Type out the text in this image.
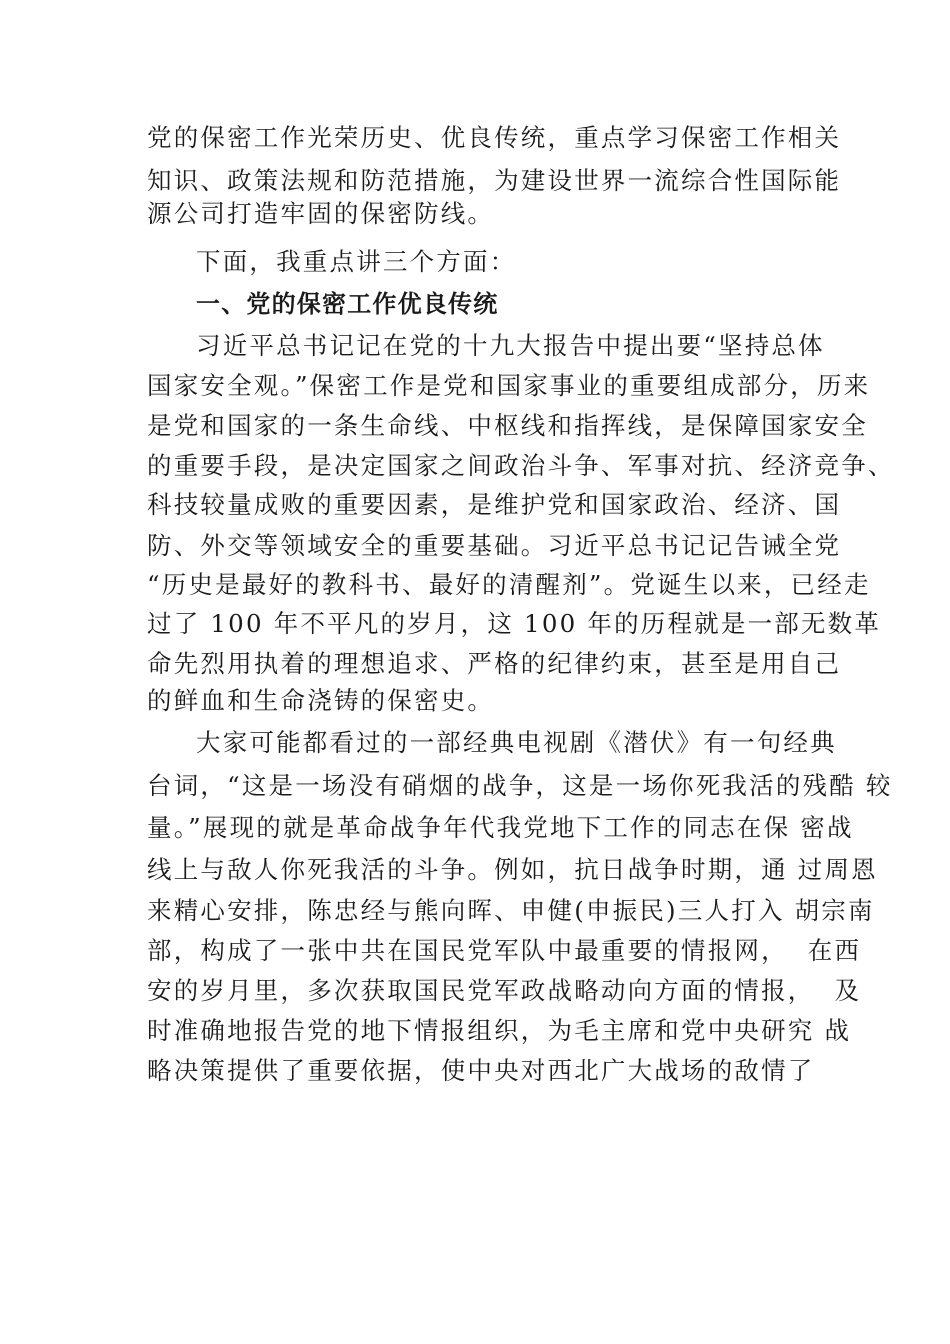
党的保密工作光荣历史、优良传统，重点学习保密工作相关
知识、政策法规和防范措施，为建设世界一流综合性国际能
源公司打造牢固的保密防线。
下面，我重点讲三个方面：
一、党的保密工作优良传统
习近平总书记记在党的十九大报告中提出要“坚持总体
国家安全观。”保密工作是党和国家事业的重要组成部分，历来
是党和国家的一条生命线、中枢线和指挥线，是保障国家安全
的重要手段，是决定国家之间政治斗争、军事对抗、经济竞争、
科技较量成败的重要因素，是维护党和国家政治、经济、国
防、外交等领域安全的重要基础。习近平总书记记告诫全党
“历史是最好的教科书、最好的清醒剂”。党诞生以来，已经走
过了 100 年不平凡的岁月，这 100 年的历程就是一部无数革
命先烈用执着的理想追求、严格的纪律约束，甚至是用自己
的鲜血和生命浇铸的保密史。
大家可能都看过的一部经典电视剧《潜伏》有一句经典
台词，“这是一场没有硝烟的战争，这是一场你死我活的残酷 较
量。”展现的就是革命战争年代我党地下工作的同志在保 密战
线上与敌人你死我活的斗争。例如，抗日战争时期，通 过周恩
来精心安排，陈忠经与熊向晖、申健(申振民)三人打入 胡宗南
部，构成了一张中共在国民党军队中最重要的情报网，  在西
安的岁月里，多次获取国民党军政战略动向方面的情报，  及
时准确地报告党的地下情报组织，为毛主席和党中央研究 战
略决策提供了重要依据，使中央对西北广大战场的敌情了
